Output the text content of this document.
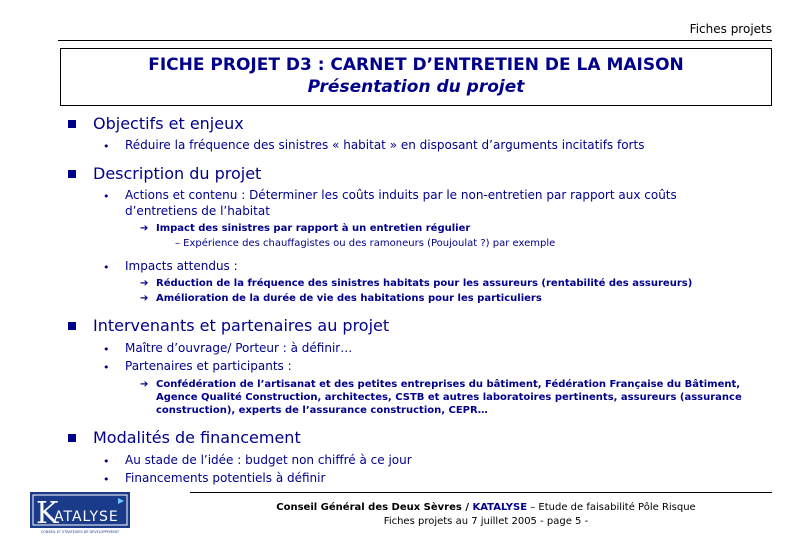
Fiches projets
FICHE PROJET D3 : CARNET D’ENTRETIEN DE LA MAISON
Présentation du projet
Objectifs et enjeux
• Réduire la fréquence des sinistres « habitat » en disposant d’arguments incitatifs forts
Description du projet
• Actions et contenu : Déterminer les coûts induits par le non-entretien par rapport aux coûts
d’entretiens de l’habitat
➔ Impact des sinistres par rapport à un entretien régulier
– Expérience des chauffagistes ou des ramoneurs (Poujoulat ?) par exemple
• Impacts attendus :
➔ Réduction de la fréquence des sinistres habitats pour les assureurs (rentabilité des assureurs)
➔ Amélioration de la durée de vie des habitations pour les particuliers
Intervenants et partenaires au projet
• Maître d’ouvrage/ Porteur : à définir…
• Partenaires et participants :
➔ Confédération de l’artisanat et des petites entreprises du bâtiment, Fédération Française du Bâtiment,
Agence Qualité Construction, architectes, CSTB et autres laboratoires pertinents, assureurs (assurance
construction), experts de l’assurance construction, CEPR…
Modalités de financement
• Au stade de l’idée : budget non chiffré à ce jour
• Financements potentiels à définir
Conseil Général des Deux Sèvres / KATALYSE – Etude de faisabilité Pôle Risque
Fiches projets au 7 juillet 2005 - page 5 -
K
ATALYSE
CONSEIL ET STRATEGIES DE DEVELOPPEMENT
